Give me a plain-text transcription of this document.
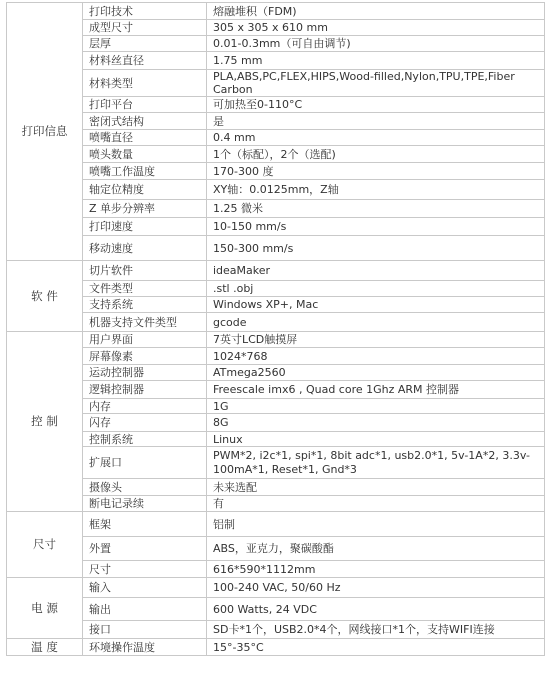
打印信息	打印技术	熔融堆积（FDM)
	成型尺寸	305 x 305 x 610 mm
	层厚	0.01-0.3mm（可自由调节)
	材料丝直径	1.75 mm
	材料类型	PLA,ABS,PC,FLEX,HIPS,Wood-filled,Nylon,TPU,TPE,Fiber Carbon
	打印平台	可加热至0-110°C
	密闭式结构	是
	喷嘴直径	0.4 mm
	喷头数量	1个（标配），2个（选配)
	喷嘴工作温度	170-300 度
	轴定位精度	XY轴：0.0125mm，Z轴
	Z 单步分辨率	1.25 微米
	打印速度	10-150 mm/s
	移动速度	150-300 mm/s
软 件	切片软件	ideaMaker
	文件类型	.stl .obj
	支持系统	Windows XP+, Mac
	机器支持文件类型	gcode
控 制	用户界面	7英寸LCD触摸屏
	屏幕像素	1024*768
	运动控制器	ATmega2560
	逻辑控制器	Freescale imx6 , Quad core 1Ghz ARM 控制器
	内存	1G
	闪存	8G
	控制系统	Linux
	扩展口	PWM*2, i2c*1, spi*1, 8bit adc*1, usb2.0*1, 5v-1A*2, 3.3v-100mA*1, Reset*1, Gnd*3
	摄像头	未来选配
	断电记录续	有
尺寸	框架	铝制
	外置	ABS，亚克力，聚碳酸酯
	尺寸	616*590*1112mm
电 源	输入	100-240 VAC, 50/60 Hz
	输出	600 Watts, 24 VDC
	接口	SD卡*1个，USB2.0*4个，网线接口*1个，支持WIFI连接
温 度	环境操作温度	15°-35°C
